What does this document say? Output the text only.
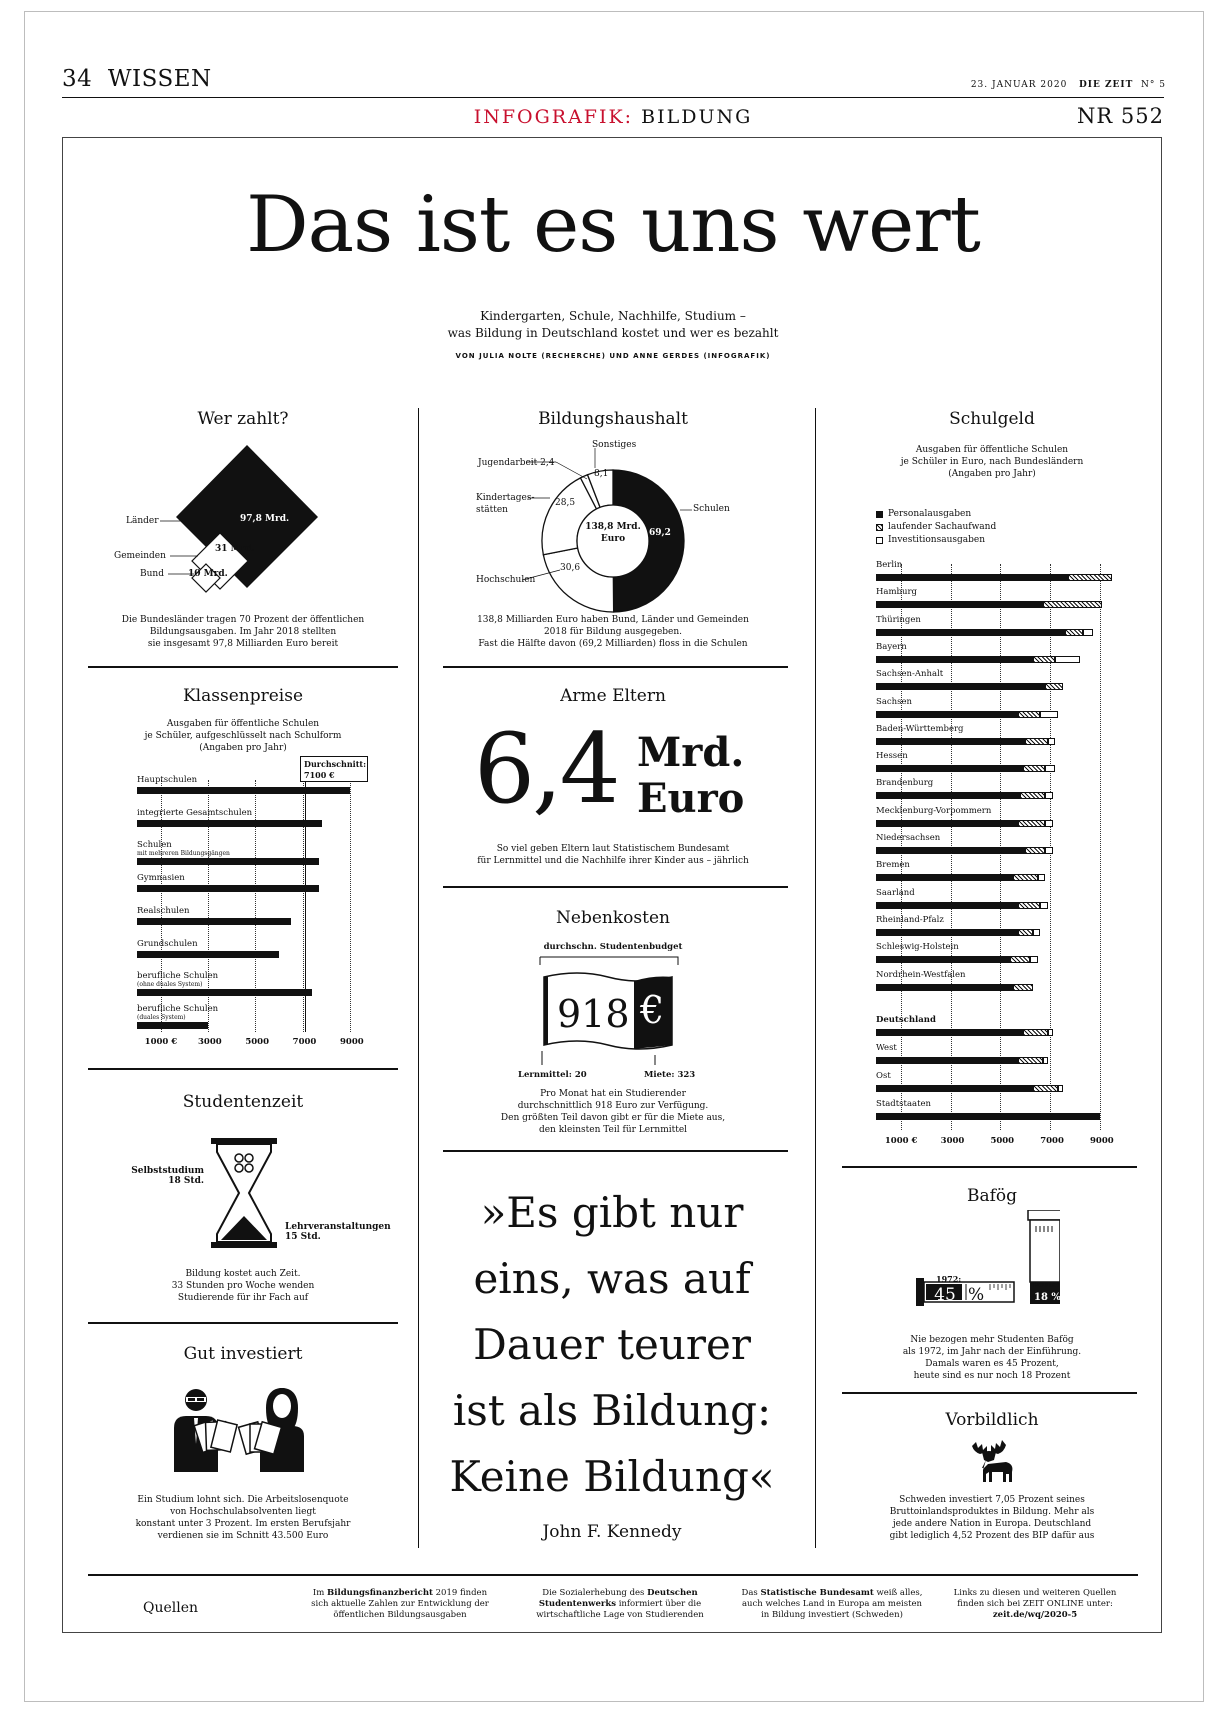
34 WISSEN	23. JANUAR 2020 DIE ZEIT N° 5
INFOGRAFIK: BILDUNG	NR 552
Das ist es uns wert
Kindergarten, Schule, Nachhilfe, Studium –
was Bildung in Deutschland kostet und wer es bezahlt
VON JULIA NOLTE (RECHERCHE) UND ANNE GERDES (INFOGRAFIK)
Wer zahlt?
Länder	97,8 Mrd.
Gemeinden
31 Mrd.
Bund	10 Mrd.
Die Bundesländer tragen 70 Prozent der öffentlichen
Bildungsausgaben. Im Jahr 2018 stellten
sie insgesamt 97,8 Milliarden Euro bereit
Klassenpreise
Ausgaben für öffentliche Schulen
je Schüler, aufgeschlüsselt nach Schulform
(Angaben pro Jahr)
1000 € 3000	5000	7000	9000
Hauptschulen
integrierte Gesamtschulen
Schulen
mit mehreren Bildungsgängen
Gymnasien
Realschulen
Grundschulen
berufliche Schulen
(ohne duales System)
berufliche Schulen
(duales System)
Durchschnitt:
7100 €
Studentenzeit
Selbststudium
18 Std.
Lehrveranstaltungen
15 Std.
Bildung kostet auch Zeit.
33 Stunden pro Woche wenden
Studierende für ihr Fach auf
Gut investiert
Ein Studium lohnt sich. Die Arbeitslosenquote
von Hochschulabsolventen liegt
konstant unter 3 Prozent. Im ersten Berufsjahr
verdienen sie im Schnitt 43.500 Euro
Bildungshaushalt
138,8 Mrd.
Euro
Sonstiges
8,1
Jugendarbeit 2,4
Kindertages-
stätten
28,5
Hochschulen
30,6
Schulen
69,2
138,8 Milliarden Euro haben Bund, Länder und Gemeinden
2018 für Bildung ausgegeben.
Fast die Hälfte davon (69,2 Milliarden) floss in die Schulen
Arme Eltern
6,4 Mrd.
Euro
So viel geben Eltern laut Statistischem Bundesamt
für Lernmittel und die Nachhilfe ihrer Kinder aus – jährlich
Nebenkosten
durchschn. Studentenbudget
918 €
Lernmittel: 20	Miete: 323
Pro Monat hat ein Studierender
durchschnittlich 918 Euro zur Verfügung.
Den größten Teil davon gibt er für die Miete aus,
den kleinsten Teil für Lernmittel
»Es gibt nur eins, was auf Dauer teurer ist als Bildung: Keine Bildung«
John F. Kennedy
Schulgeld
Ausgaben für öffentliche Schulen
je Schüler in Euro, nach Bundesländern
(Angaben pro Jahr)
Personalausgaben
laufender Sachaufwand
Investitionsausgaben
1000 €	3000	5000	7000	9000
Berlin
Hamburg
Thüringen
Bayern
Sachsen-Anhalt
Sachsen
Baden-Württemberg
Hessen
Brandenburg
Mecklenburg-Vorpommern
Niedersachsen
Bremen
Saarland
Rheinland-Pfalz
Schleswig-Holstein
Nordrhein-Westfalen
Deutschland
West
Ost
Stadtstaaten
Bafög
1972:
45 %
heute:
18 %
Nie bezogen mehr Studenten Bafög
als 1972, im Jahr nach der Einführung.
Damals waren es 45 Prozent,
heute sind es nur noch 18 Prozent
Vorbildlich
Schweden investiert 7,05 Prozent seines
Bruttoinlandsproduktes in Bildung. Mehr als
jede andere Nation in Europa. Deutschland
gibt lediglich 4,52 Prozent des BIP dafür aus
Quellen
Im Bildungsfinanzbericht 2019 finden
sich aktuelle Zahlen zur Entwicklung der
öffentlichen Bildungsausgaben
Die Sozialerhebung des Deutschen
Studentenwerks informiert über die
wirtschaftliche Lage von Studierenden
Das Statistische Bundesamt weiß alles,
auch welches Land in Europa am meisten
in Bildung investiert (Schweden)
Links zu diesen und weiteren Quellen
finden sich bei ZEIT ONLINE unter:
zeit.de/wq/2020-5
